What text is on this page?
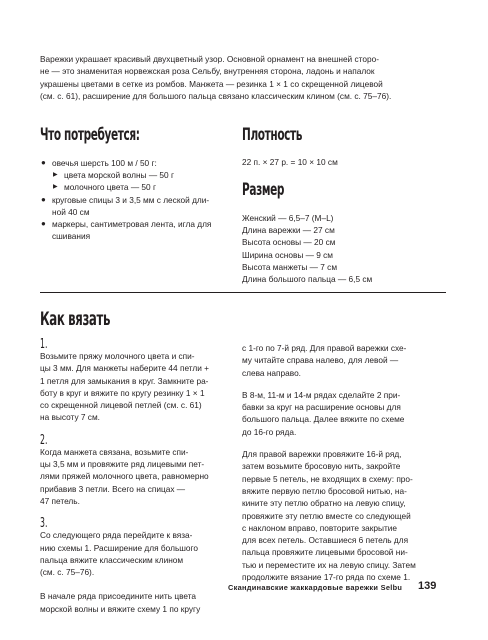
Варежки украшает красивый двухцветный узор. Основной орнамент на внешней сторо-
не — это знаменитая норвежская роза Сельбу, внутренняя сторона, ладонь и напалок
украшены цветами в сетке из ромбов. Манжета — резинка 1 × 1 со скрещенной лицевой
(см. с. 61), расширение для большого пальца связано классическим клином (см. с. 75–76).

Что потребуется:
● овечья шерсть 100 м / 50 г:
▶ цвета морской волны — 50 г
▶ молочного цвета — 50 г
● круговые спицы 3 и 3,5 мм с леской дли-
ной 40 см
● маркеры, сантиметровая лента, игла для
сшивания
Плотность

22 п. × 27 р. = 10 × 10 см

Размер

Женский — 6,5–7 (M–L)
Длина варежки — 27 см
Высота основы — 20 см
Ширина основы — 9 см
Высота манжеты — 7 см
Длина большого пальца — 6,5 см

Как вязать

1.
Возьмите пряжу молочного цвета и спи-
цы 3 мм. Для манжеты наберите 44 петли +
1 петля для замыкания в круг. Замкните ра-
боту в круг и вяжите по кругу резинку 1 × 1
со скрещенной лицевой петлей (см. с. 61)
на высоту 7 см.

2.
Когда манжета связана, возьмите спи-
цы 3,5 мм и провяжите ряд лицевыми пет-
лями пряжей молочного цвета, равномерно
прибавив 3 петли. Всего на спицах —
47 петель.

3.
Со следующего ряда перейдите к вязa-
нию схемы 1. Расширение для большого
пальца вяжите классическим клином
(см. с. 75–76).

В начале ряда присоедините нить цвета
морской волны и вяжите схему 1 по кругу

с 1-го по 7-й ряд. Для правой варежки схе-
му читайте справа налево, для левой —
слева направо.

В 8-м, 11-м и 14-м рядах сделайте 2 при-
бавки за круг на расширение основы для
большого пальца. Далее вяжите по схеме
до 16-го ряда.

Для правой варежки провяжите 16-й ряд,
затем возьмите бросовую нить, закройте
первые 5 петель, не входящих в схему: про-
вяжите первую петлю бросовой нитью, на-
кините эту петлю обратно на левую спицу,
провяжите эту петлю вместе со следующей
с наклоном вправо, повторите закрытие
для всех петель. Оставшиеся 6 петель для
пальца провяжите лицевыми бросовой ни-
тью и переместите их на левую спицу. Затем
продолжите вязание 17-го ряда по схеме 1.

Скандинавские жаккардовые варежки Selbu 139
